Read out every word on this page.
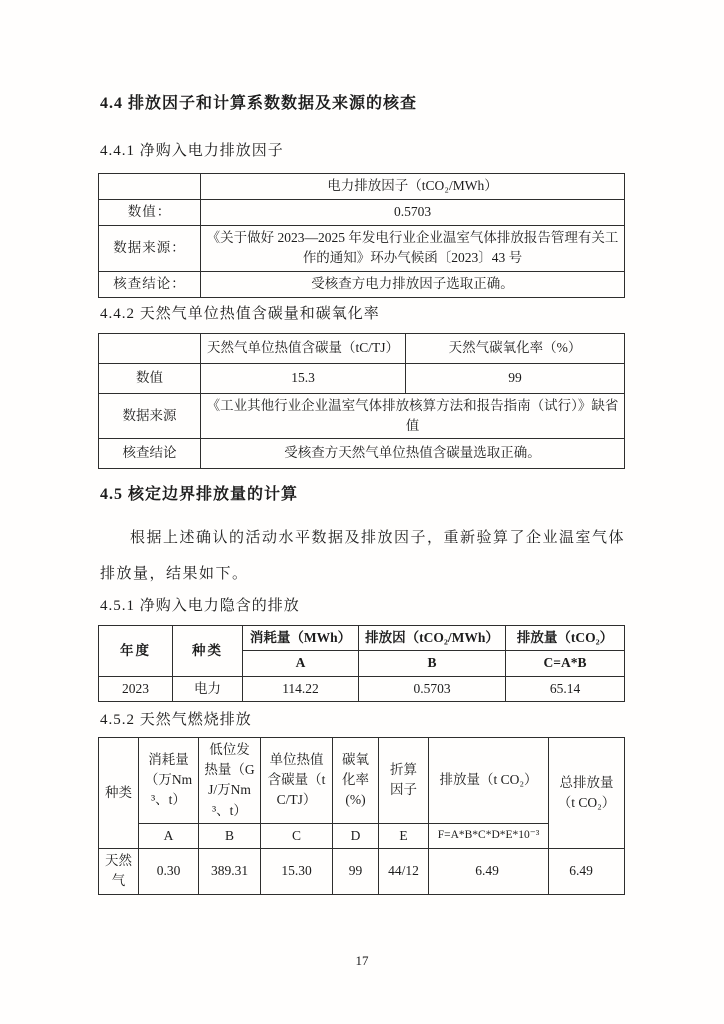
4.4 排放因子和计算系数数据及来源的核查
4.4.1 净购入电力排放因子
	电力排放因子（tCO₂/MWh）
数值：	0.5703
数据来源：	《关于做好 2023—2025 年发电行业企业温室气体排放报告管理有关工作的通知》环办气候函〔2023〕43 号
核查结论：	受核查方电力排放因子选取正确。
4.4.2 天然气单位热值含碳量和碳氧化率
	天然气单位热值含碳量（tC/TJ）	天然气碳氧化率（%）
数值	15.3	99
数据来源	《工业其他行业企业温室气体排放核算方法和报告指南（试行）》缺省值	
核查结论	受核查方天然气单位热值含碳量选取正确。	
4.5 核定边界排放量的计算

根据上述确认的活动水平数据及排放因子，重新验算了企业温室气体排放量，结果如下。

4.5.1 净购入电力隐含的排放
年度	种类	消耗量（MWh）	排放因（tCO₂/MWh）	排放量（tCO₂）
		A	B	C=A*B
2023	电力	114.22	0.5703	65.14
4.5.2 天然气燃烧排放
种类	消耗量（万Nm³、t）	低位发热量（GJ/万Nm³、t）	单位热值含碳量（tC/TJ）	碳氧化率(%)	折算因子	排放量（t CO₂）	总排放量（t CO₂）
	A	B	C	D	E	F=A*B*C*D*E*10⁻³	
天然气	0.30	389.31	15.30	99	44/12	6.49	6.49
17
